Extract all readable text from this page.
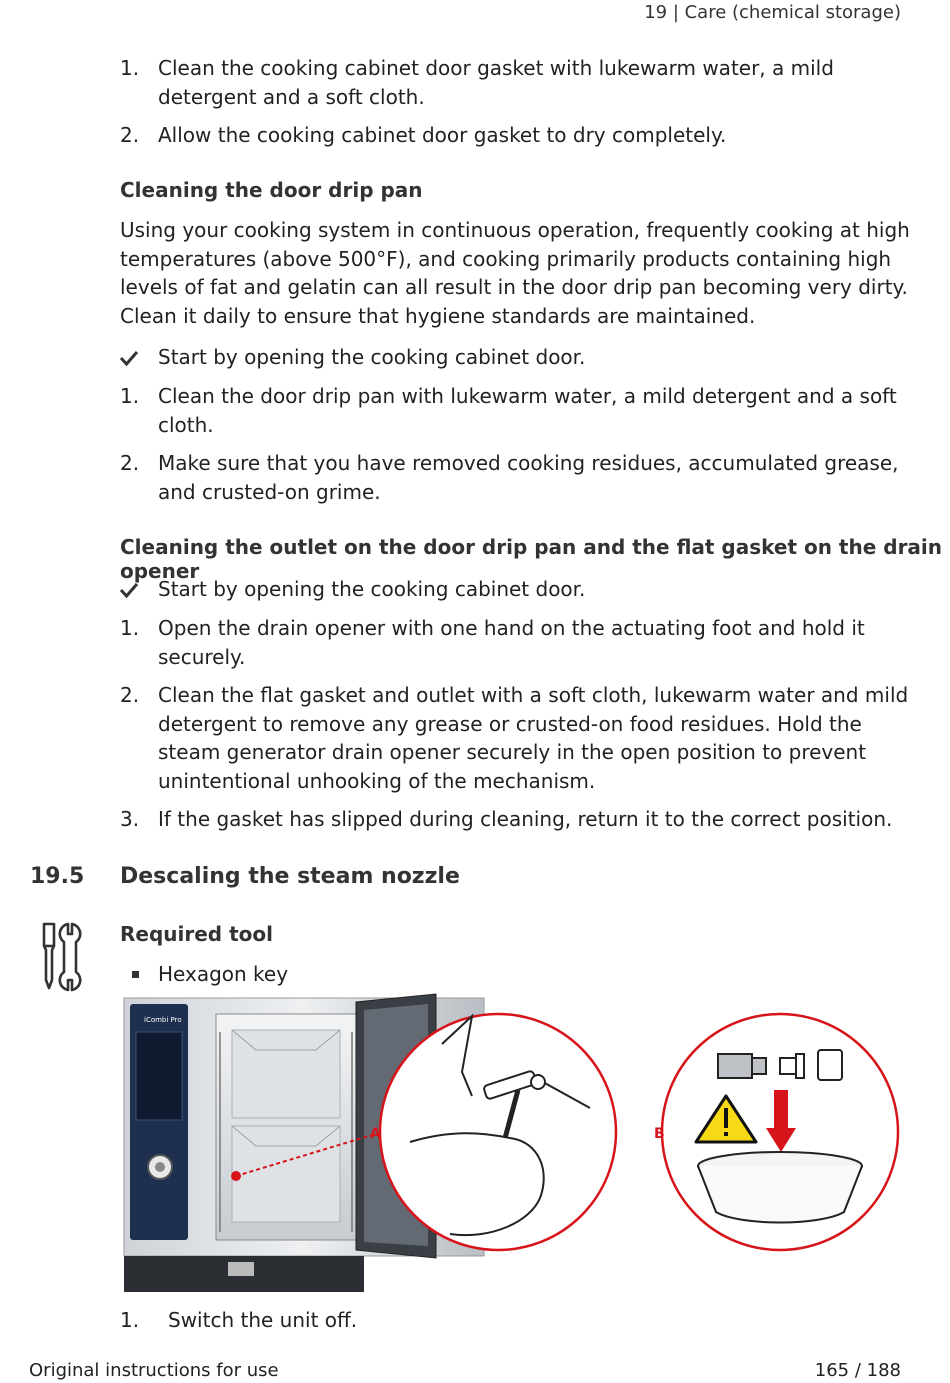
19 | Care (chemical storage)
1. Clean the cooking cabinet door gasket with lukewarm water, a mild detergent and a soft cloth.
2. Allow the cooking cabinet door gasket to dry completely.
Cleaning the door drip pan
Using your cooking system in continuous operation, frequently cooking at high temperatures (above 500°F), and cooking primarily products containing high levels of fat and gelatin can all result in the door drip pan becoming very dirty. Clean it daily to ensure that hygiene standards are maintained.
Start by opening the cooking cabinet door.
1. Clean the door drip pan with lukewarm water, a mild detergent and a soft cloth.
2. Make sure that you have removed cooking residues, accumulated grease, and crusted-on grime.
Cleaning the outlet on the door drip pan and the flat gasket on the drain opener
Start by opening the cooking cabinet door.
1. Open the drain opener with one hand on the actuating foot and hold it securely.
2. Clean the flat gasket and outlet with a soft cloth, lukewarm water and mild detergent to remove any grease or crusted-on food residues. Hold the steam generator drain opener securely in the open position to prevent unintentional unhooking of the mechanism.
3. If the gasket has slipped during cleaning, return it to the correct position.
19.5 Descaling the steam nozzle
Required tool
Hexagon key
iCombi Pro
A	B
1.	Switch the unit off.
Original instructions for use	165 / 188
